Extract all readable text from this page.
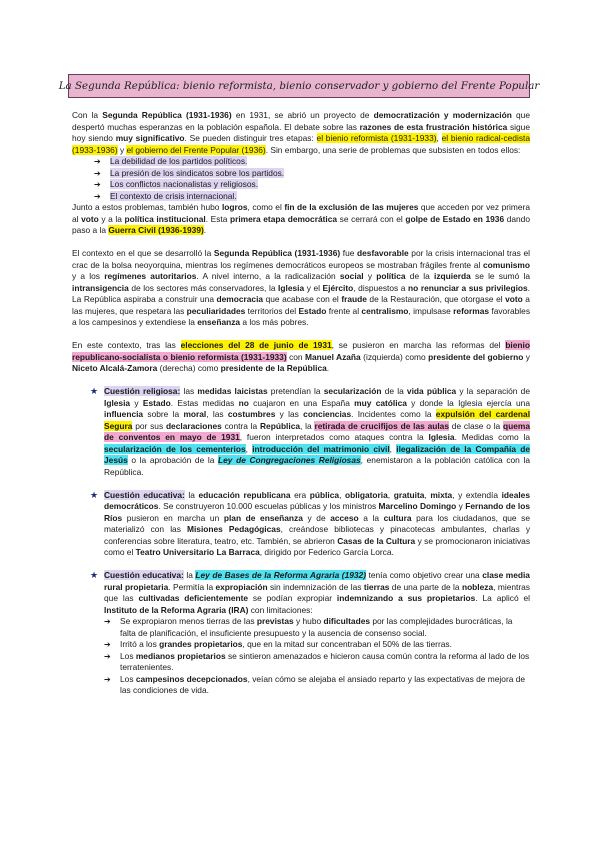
La Segunda República: bienio reformista, bienio conservador y gobierno del Frente Popular

Con la Segunda República (1931-1936) en 1931, se abrió un proyecto de democratización y modernización que despertó muchas esperanzas en la población española. El debate sobre las razones de esta frustración histórica sigue hoy siendo muy significativo. Se pueden distinguir tres etapas: el bienio reformista (1931-1933), el bienio radical-cedista (1933-1936) y el gobierno del Frente Popular (1936). Sin embargo, una serie de problemas que subsisten en todos ellos:

➔ La debilidad de los partidos políticos.
➔ La presión de los sindicatos sobre los partidos.
➔ Los conflictos nacionalistas y religiosos.
➔ El contexto de crisis internacional.

Junto a estos problemas, también hubo logros, como el fin de la exclusión de las mujeres que acceden por vez primera al voto y a la política institucional. Esta primera etapa democrática se cerrará con el golpe de Estado en 1936 dando paso a la Guerra Civil (1936-1939).

El contexto en el que se desarrolló la Segunda República (1931-1936) fue desfavorable por la crisis internacional tras el crac de la bolsa neoyorquina, mientras los regímenes democráticos europeos se mostraban frágiles frente al comunismo y a los regímenes autoritarios. A nivel interno, a la radicalización social y política de la izquierda se le sumó la intransigencia de los sectores más conservadores, la Iglesia y el Ejército, dispuestos a no renunciar a sus privilegios. La República aspiraba a construir una democracia que acabase con el fraude de la Restauración, que otorgase el voto a las mujeres, que respetara las peculiaridades territorios del Estado frente al centralismo, impulsase reformas favorables a los campesinos y extendiese la enseñanza a los más pobres.

En este contexto, tras las elecciones del 28 de junio de 1931, se pusieron en marcha las reformas del bienio republicano-socialista o bienio reformista (1931-1933) con Manuel Azaña (izquierda) como presidente del gobierno y Niceto Alcalá-Zamora (derecha) como presidente de la República.

★ Cuestión religiosa: las medidas laicistas pretendían la secularización de la vida pública y la separación de Iglesia y Estado. Estas medidas no cuajaron en una España muy católica y donde la Iglesia ejercía una influencia sobre la moral, las costumbres y las conciencias. Incidentes como la expulsión del cardenal Segura por sus declaraciones contra la República, la retirada de crucifijos de las aulas de clase o la quema de conventos en mayo de 1931, fueron interpretados como ataques contra la Iglesia. Medidas como la secularización de los cementerios, introducción del matrimonio civil, ilegalización de la Compañía de Jesús o la aprobación de la Ley de Congregaciones Religiosas, enemistaron a la población católica con la República.

★ Cuestión educativa: la educación republicana era pública, obligatoria, gratuita, mixta, y extendía ideales democráticos. Se construyeron 10.000 escuelas públicas y los ministros Marcelino Domingo y Fernando de los Ríos pusieron en marcha un plan de enseñanza y de acceso a la cultura para los ciudadanos, que se materializó con las Misiones Pedagógicas, creándose bibliotecas y pinacotecas ambulantes, charlas y conferencias sobre literatura, teatro, etc. También, se abrieron Casas de la Cultura y se promocionaron iniciativas como el Teatro Universitario La Barraca, dirigido por Federico García Lorca.

★ Cuestión educativa: la Ley de Bases de la Reforma Agraria (1932) tenía como objetivo crear una clase media rural propietaria. Permitía la expropiación sin indemnización de las tierras de una parte de la nobleza, mientras que las cultivadas deficientemente se podían expropiar indemnizando a sus propietarios. La aplicó el Instituto de la Reforma Agraria (IRA) con limitaciones:

➔ Se expropiaron menos tierras de las previstas y hubo dificultades por las complejidades burocráticas, la falta de planificación, el insuficiente presupuesto y la ausencia de consenso social.
➔ Irritó a los grandes propietarios, que en la mitad sur concentraban el 50% de las tierras.
➔ Los medianos propietarios se sintieron amenazados e hicieron causa común contra la reforma al lado de los terratenientes.
➔ Los campesinos decepcionados, veían cómo se alejaba el ansiado reparto y las expectativas de mejora de las condiciones de vida.
